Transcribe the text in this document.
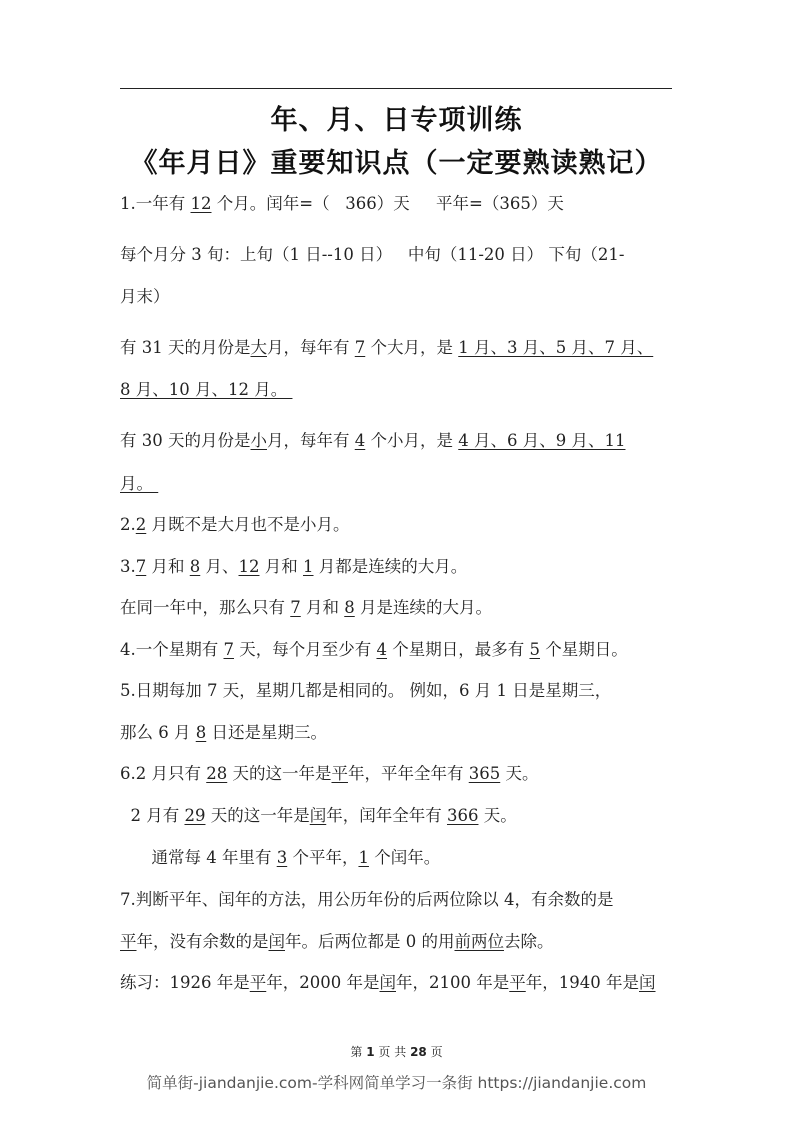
年、月、日专项训练
《年月日》重要知识点（一定要熟读熟记）
1.一年有 12 个月。闰年=（   366）天     平年=（365）天
每个月分 3 旬：上旬（1 日--10 日）   中旬（11-20 日） 下旬（21-
月末）
有 31 天的月份是大月，每年有 7 个大月，是 1 月、3 月、5 月、7 月、
8 月、10 月、12 月。
有 30 天的月份是小月，每年有 4 个小月，是 4 月、6 月、9 月、11
月。
2.2 月既不是大月也不是小月。
3.7 月和 8 月、12 月和 1 月都是连续的大月。
在同一年中，那么只有 7 月和 8 月是连续的大月。
4.一个星期有 7 天，每个月至少有 4 个星期日，最多有 5 个星期日。
5.日期每加 7 天，星期几都是相同的。 例如，6 月 1 日是星期三，
那么 6 月 8 日还是星期三。
6.2 月只有 28 天的这一年是平年，平年全年有 365 天。
2 月有 29 天的这一年是闰年，闰年全年有 366 天。
通常每 4 年里有 3 个平年，1 个闰年。
7.判断平年、闰年的方法，用公历年份的后两位除以 4，有余数的是
平年，没有余数的是闰年。后两位都是 0 的用前两位去除。
练习：1926 年是平年，2000 年是闰年，2100 年是平年，1940 年是闰
第 1 页 共 28 页
简单街-jiandanjie.com-学科网简单学习一条街 https://jiandanjie.com
